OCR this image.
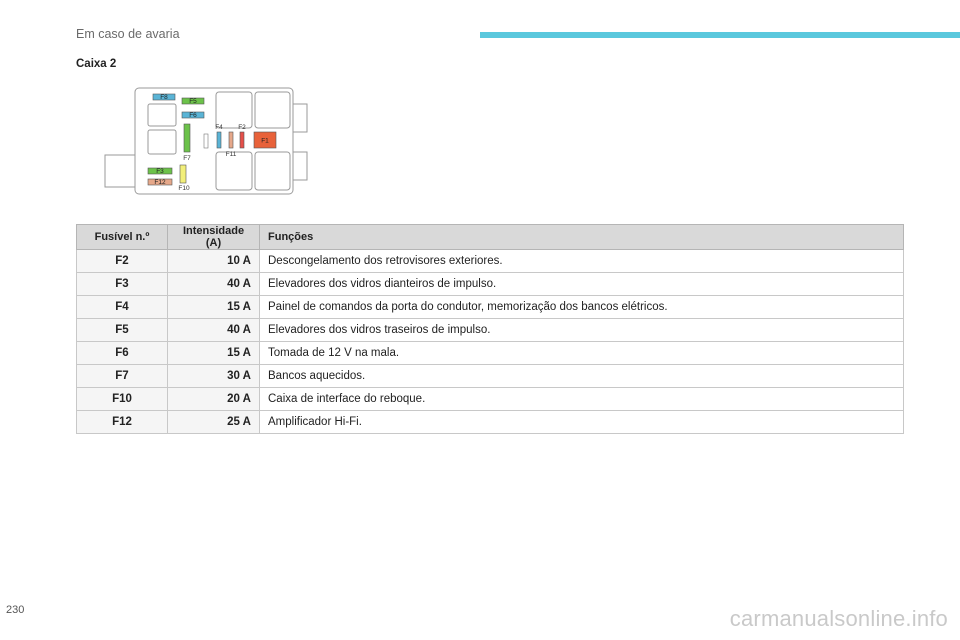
Em caso de avaria
Caixa 2
F8
F5
F6
F7
F3
F12
F10
F4
F11
F2
F1
Fusível n.º	Intensidade (A)	Funções
F2	10 A	Descongelamento dos retrovisores exteriores.
F3	40 A	Elevadores dos vidros dianteiros de impulso.
F4	15 A	Painel de comandos da porta do condutor, memorização dos bancos elétricos.
F5	40 A	Elevadores dos vidros traseiros de impulso.
F6	15 A	Tomada de 12 V na mala.
F7	30 A	Bancos aquecidos.
F10	20 A	Caixa de interface do reboque.
F12	25 A	Amplificador Hi-Fi.
230	carmanualsonline.info
